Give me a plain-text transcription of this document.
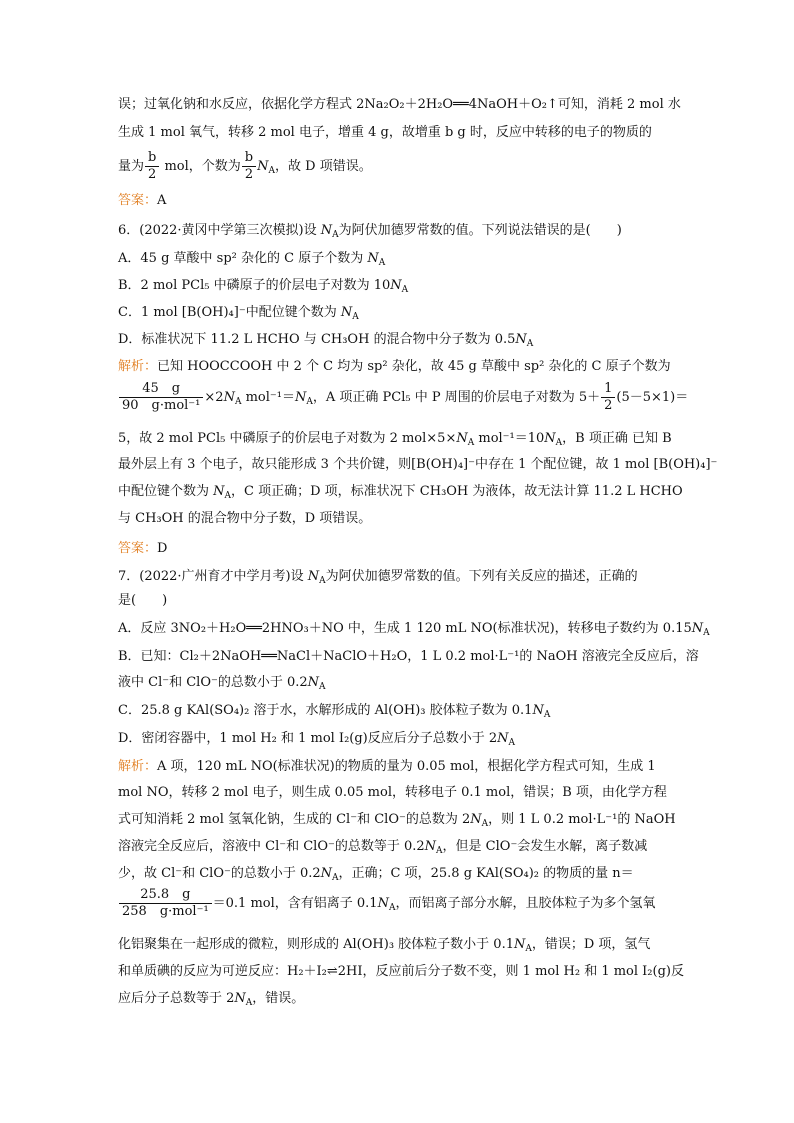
误；过氧化钠和水反应，依据化学方程式 2Na₂O₂＋2H₂O══4NaOH＋O₂↑可知，消耗 2 mol 水
生成 1 mol 氧气，转移 2 mol 电子，增重 4 g，故增重 b g 时，反应中转移的电子的物质的
量为 $\frac{b}{2}$ mol，个数为 $\frac{b}{2} N_A$，故 D 项错误。
答案：A
6．(2022·黄冈中学第三次模拟)设 $N_A$为阿伏加德罗常数的值。下列说法错误的是(　　)
A．45 g 草酸中 sp² 杂化的 C 原子个数为 $N_A$
B．2 mol PCl₅ 中磷原子的价层电子对数为 $10N_A$
C．1 mol [B(OH)₄]⁻中配位键个数为 $N_A$
D．标准状况下 11.2 L HCHO 与 CH₃OH 的混合物中分子数为 $0.5N_A$
解析：已知 HOOCCOOH 中 2 个 C 均为 sp² 杂化，故 45 g 草酸中 sp² 杂化的 C 原子个数为
$\frac{45 g}{\text{90　g·mol⁻¹}} \times 2N_A$ $mol^{-1}=N_A$，A 项正确 PCl₅ 中 P 周围的价层电子对数为 $5+ \frac{1}{2} (5-5\times 1)=$
5，故 2 mol PCl₅ 中磷原子的价层电子对数为 2 $mol\times 5\times N_A$ $mol^{-1}=10N_A$，B 项正确 已知 B
最外层上有 3 个电子，故只能形成 3 个共价键，则[B(OH)₄]⁻中存在 1 个配位键，故 1 mol [B(OH)₄]⁻
中配位键个数为 $N_A$，C 项正确；D 项，标准状况下 CH₃OH 为液体，故无法计算 11.2 L HCHO
与 CH₃OH 的混合物中分子数，D 项错误。
答案：D
7．(2022·广州育才中学月考)设 $N_A$为阿伏加德罗常数的值。下列有关反应的描述，正确的
是(　　)
A．反应 3NO₂＋H₂O══2HNO₃＋NO 中，生成 1 120 mL NO(标准状况)，转移电子数约为 $0.15N_A$
B．已知：Cl₂＋2NaOH══NaCl＋NaClO＋H₂O，1 L 0.2 mol·L⁻¹的 NaOH 溶液完全反应后，溶
液中 Cl⁻和 ClO⁻的总数小于 $0.2N_A$
C．25.8 g KAl(SO₄)₂ 溶于水，水解形成的 Al(OH)₃ 胶体粒子数为 $0.1N_A$
D．密闭容器中，1 mol H₂ 和 1 mol I₂(g)反应后分子总数小于 $2N_A$
解析：A 项，120 mL NO(标准状况)的物质的量为 0.05 mol，根据化学方程式可知，生成 1
mol NO，转移 2 mol 电子，则生成 0.05 mol，转移电子 0.1 mol，错误；B 项，由化学方程
式可知消耗 2 mol 氢氧化钠，生成的 Cl⁻和 ClO⁻的总数为 $2N_A$，则 1 L 0.2 mol·L⁻¹的 NaOH
溶液完全反应后，溶液中 Cl⁻和 ClO⁻的总数等于 $0.2N_A$，但是 ClO⁻会发生水解，离子数减
少，故 Cl⁻和 ClO⁻的总数小于 $0.2N_A$，正确；C 项，25.8 g KAl(SO₄)₂ 的物质的量 n＝
$\frac{25.8 g}{\text{258　g·mol⁻¹}} =0.1$ mol，含有铝离子 $0.1N_A$，而铝离子部分水解，且胶体粒子为多个氢氧
化铝聚集在一起形成的微粒，则形成的 Al(OH)₃ 胶体粒子数小于 $0.1N_A$，错误；D 项，氢气
和单质碘的反应为可逆反应：H₂＋I₂⇌2HI，反应前后分子数不变，则 1 mol H₂ 和 1 mol I₂(g)反
应后分子总数等于 $2N_A$，错误。
